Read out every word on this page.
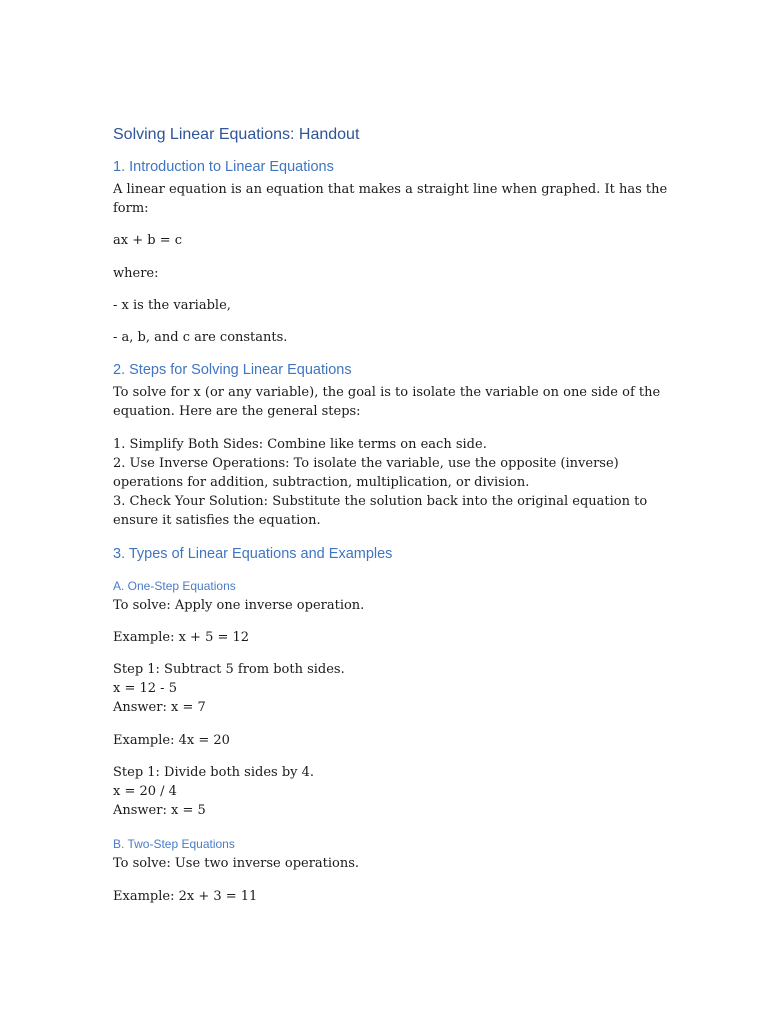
Solving Linear Equations: Handout
1. Introduction to Linear Equations

A linear equation is an equation that makes a straight line when graphed. It has the form:

ax + b = c

where:

- x is the variable,

- a, b, and c are constants.

2. Steps for Solving Linear Equations

To solve for x (or any variable), the goal is to isolate the variable on one side of the equation. Here are the general steps:

1. Simplify Both Sides: Combine like terms on each side.
2. Use Inverse Operations: To isolate the variable, use the opposite (inverse) operations for addition, subtraction, multiplication, or division.
3. Check Your Solution: Substitute the solution back into the original equation to ensure it satisfies the equation.
3. Types of Linear Equations and Examples
A. One-Step Equations

To solve: Apply one inverse operation.

Example: x + 5 = 12

Step 1: Subtract 5 from both sides.
x = 12 - 5
Answer: x = 7

Example: 4x = 20

Step 1: Divide both sides by 4.
x = 20 / 4
Answer: x = 5
B. Two-Step Equations

To solve: Use two inverse operations.

Example: 2x + 3 = 11
